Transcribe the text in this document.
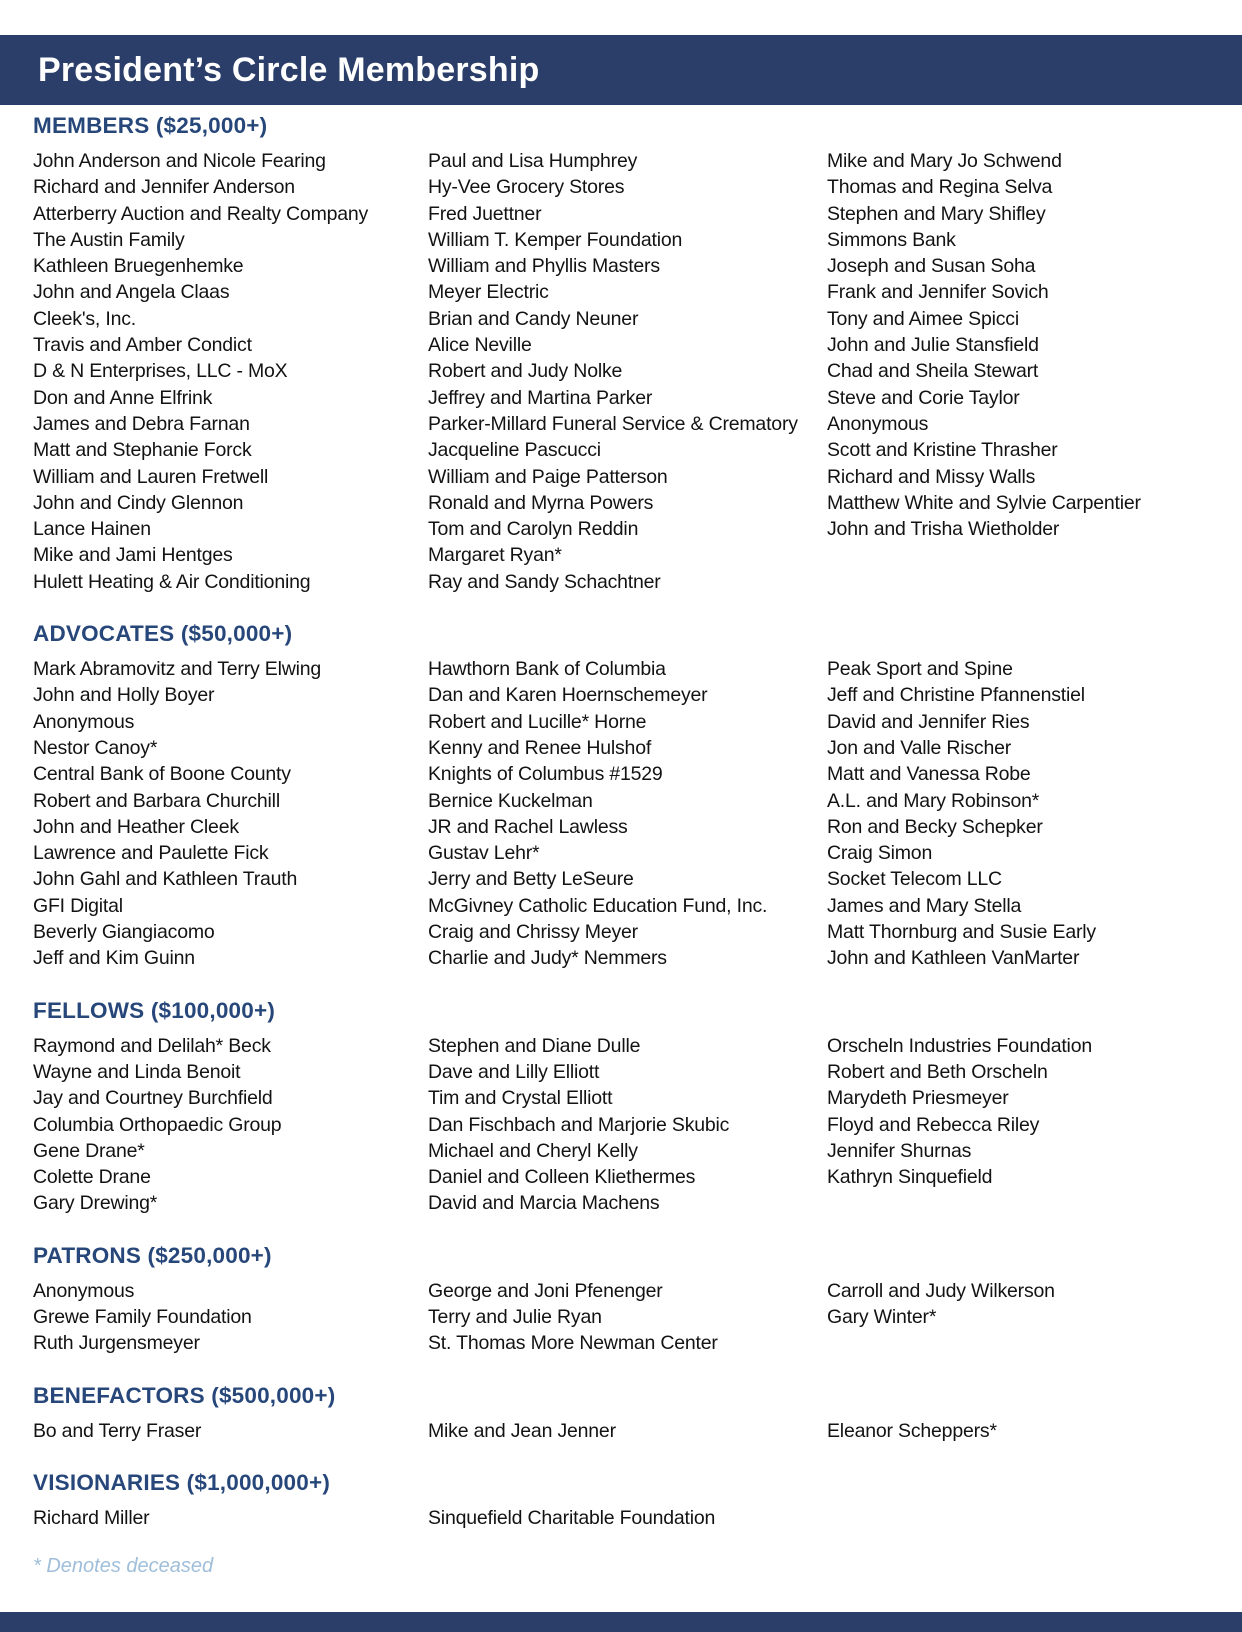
President’s Circle Membership
MEMBERS ($25,000+)
John Anderson and Nicole Fearing
Richard and Jennifer Anderson
Atterberry Auction and Realty Company
The Austin Family
Kathleen Bruegenhemke
John and Angela Claas
Cleek's, Inc.
Travis and Amber Condict
D & N Enterprises, LLC - MoX
Don and Anne Elfrink
James and Debra Farnan
Matt and Stephanie Forck
William and Lauren Fretwell
John and Cindy Glennon
Lance Hainen
Mike and Jami Hentges
Hulett Heating & Air Conditioning
Paul and Lisa Humphrey
Hy-Vee Grocery Stores
Fred Juettner
William T. Kemper Foundation
William and Phyllis Masters
Meyer Electric
Brian and Candy Neuner
Alice Neville
Robert and Judy Nolke
Jeffrey and Martina Parker
Parker-Millard Funeral Service & Crematory
Jacqueline Pascucci
William and Paige Patterson
Ronald and Myrna Powers
Tom and Carolyn Reddin
Margaret Ryan*
Ray and Sandy Schachtner
Mike and Mary Jo Schwend
Thomas and Regina Selva
Stephen and Mary Shifley
Simmons Bank
Joseph and Susan Soha
Frank and Jennifer Sovich
Tony and Aimee Spicci
John and Julie Stansfield
Chad and Sheila Stewart
Steve and Corie Taylor
Anonymous
Scott and Kristine Thrasher
Richard and Missy Walls
Matthew White and Sylvie Carpentier
John and Trisha Wietholder
ADVOCATES ($50,000+)
Mark Abramovitz and Terry Elwing
John and Holly Boyer
Anonymous
Nestor Canoy*
Central Bank of Boone County
Robert and Barbara Churchill
John and Heather Cleek
Lawrence and Paulette Fick
John Gahl and Kathleen Trauth
GFI Digital
Beverly Giangiacomo
Jeff and Kim Guinn
Hawthorn Bank of Columbia
Dan and Karen Hoernschemeyer
Robert and Lucille* Horne
Kenny and Renee Hulshof
Knights of Columbus #1529
Bernice Kuckelman
JR and Rachel Lawless
Gustav Lehr*
Jerry and Betty LeSeure
McGivney Catholic Education Fund, Inc.
Craig and Chrissy Meyer
Charlie and Judy* Nemmers
Peak Sport and Spine
Jeff and Christine Pfannenstiel
David and Jennifer Ries
Jon and Valle Rischer
Matt and Vanessa Robe
A.L. and Mary Robinson*
Ron and Becky Schepker
Craig Simon
Socket Telecom LLC
James and Mary Stella
Matt Thornburg and Susie Early
John and Kathleen VanMarter
FELLOWS ($100,000+)
Raymond and Delilah* Beck
Wayne and Linda Benoit
Jay and Courtney Burchfield
Columbia Orthopaedic Group
Gene Drane*
Colette Drane
Gary Drewing*
Stephen and Diane Dulle
Dave and Lilly Elliott
Tim and Crystal Elliott
Dan Fischbach and Marjorie Skubic
Michael and Cheryl Kelly
Daniel and Colleen Kliethermes
David and Marcia Machens
Orscheln Industries Foundation
Robert and Beth Orscheln
Marydeth Priesmeyer
Floyd and Rebecca Riley
Jennifer Shurnas
Kathryn Sinquefield
PATRONS ($250,000+)
Anonymous
Grewe Family Foundation
Ruth Jurgensmeyer
George and Joni Pfenenger
Terry and Julie Ryan
St. Thomas More Newman Center
Carroll and Judy Wilkerson
Gary Winter*
BENEFACTORS ($500,000+)
Bo and Terry Fraser	Mike and Jean Jenner	Eleanor Scheppers*
VISIONARIES ($1,000,000+)
Richard Miller	Sinquefield Charitable Foundation

* Denotes deceased
